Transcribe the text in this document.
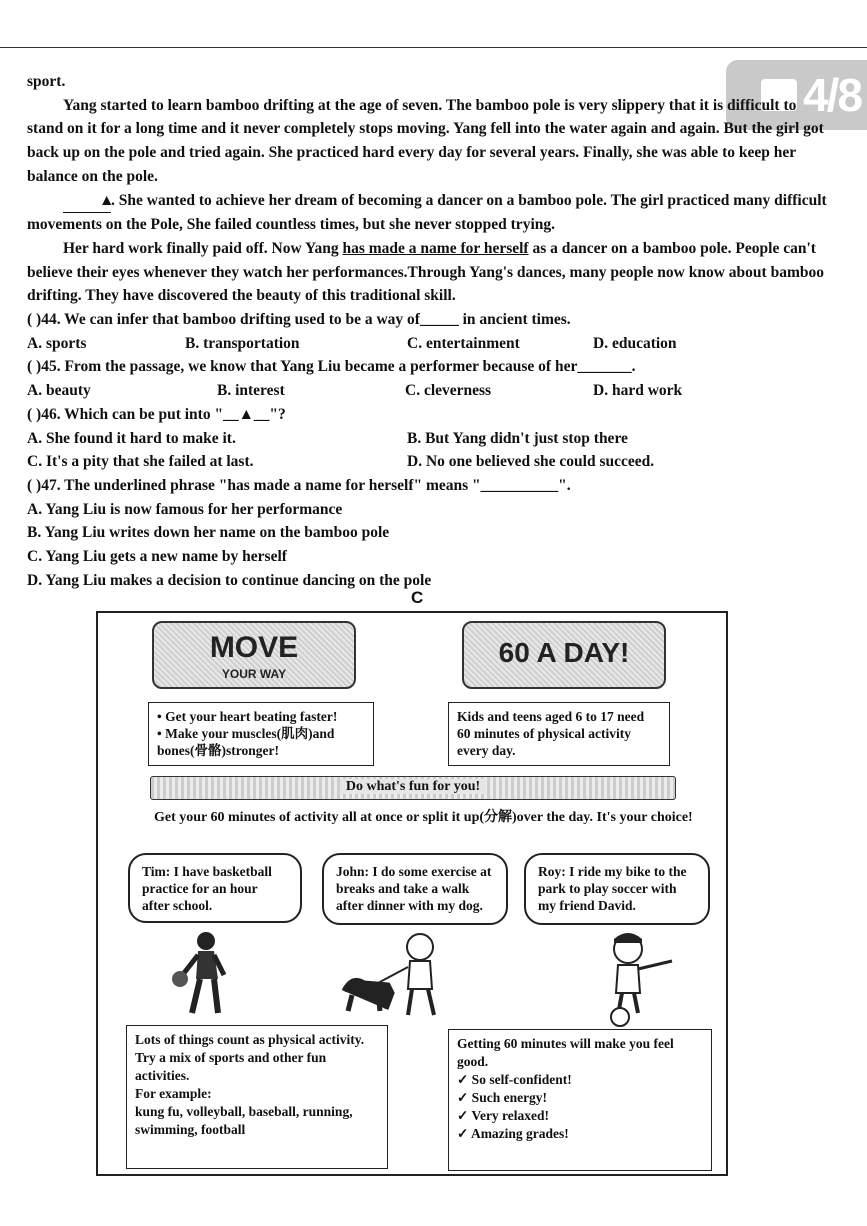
4/8

sport.

Yang started to learn bamboo drifting at the age of seven. The bamboo pole is very slippery that it is difficult to stand on it for a long time and it never completely stops moving. Yang fell into the water again and again. But the girl got back up on the pole and tried again. She practiced hard every day for several years. Finally, she was able to keep her balance on the pole.

▲. She wanted to achieve her dream of becoming a dancer on a bamboo pole. The girl practiced many difficult movements on the Pole, She failed countless times, but she never stopped trying.

Her hard work finally paid off. Now Yang has made a name for herself as a dancer on a bamboo pole. People can't believe their eyes whenever they watch her performances.Through Yang's dances, many people now know about bamboo drifting. They have discovered the beauty of this traditional skill.

( )44. We can infer that bamboo drifting used to be a way of_____ in ancient times.

A. sports	B. transportation	C. entertainment	D. education

( )45. From the passage, we know that Yang Liu became a performer because of her_______.

A. beauty	B. interest	C. cleverness	D. hard work

( )46. Which can be put into "__▲__"?

A. She found it hard to make it.	B. But Yang didn't just stop there
C. It's a pity that she failed at last.	D. No one believed she could succeed.

( )47. The underlined phrase "has made a name for herself" means "__________".

A. Yang Liu is now famous for her performance

B. Yang Liu writes down her name on the bamboo pole

C. Yang Liu gets a new name by herself

D. Yang Liu makes a decision to continue dancing on the pole

C
MOVE
YOUR WAY
60 A DAY!
• Get your heart beating faster!
• Make your muscles(肌肉)and bones(骨骼)stronger!
Kids and teens aged 6 to 17 need 60 minutes of physical activity every day.
Do what's fun for you!
Get your 60 minutes of activity all at once or split it up(分解)over the day. It's your choice!
Tim: I have basketball practice for an hour after school.
John: I do some exercise at breaks and take a walk after dinner with my dog.
Roy: I ride my bike to the park to play soccer with my friend David.
Lots of things count as physical activity.
Try a mix of sports and other fun activities.
For example:
kung fu, volleyball, baseball, running, swimming, football
Getting 60 minutes will make you feel good.
✓ So self-confident!
✓ Such energy!
✓ Very relaxed!
✓ Amazing grades!
